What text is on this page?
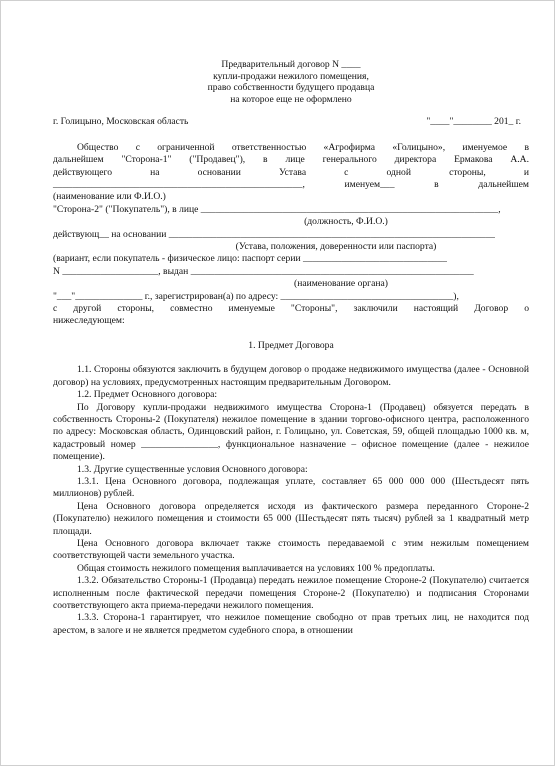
Предварительный договор N ____

купли-продажи нежилого помещения,

право собственности будущего продавца

на которое еще не оформлено

г. Голицыно, Московская область	"____"________ 201_ г.

Общество с ограниченной ответственностью «Агрофирма «Голицыно», именуемое в

дальнейшем "Сторона-1" ("Продавец"), в лице генерального директора Ермакова А.А.

действующего на основании Устава с одной стороны, и

____________________________________________________, именуем___ в дальнейшем

(наименование или Ф.И.О.)

"Сторона-2" ("Покупатель"), в лице ______________________________________________________________,

(должность, Ф.И.О.)

действующ__ на основании ____________________________________________________________________

(Устава, положения, доверенности или паспорта)

(вариант, если покупатель - физическое лицо: паспорт серии ______________________________

N ____________________, выдан ___________________________________________________________

(наименование органа)

"___"______________ г., зарегистрирован(а) по адресу: ____________________________________),

с другой стороны, совместно именуемые "Стороны", заключили настоящий Договор о

нижеследующем:

1. Предмет Договора

1.1. Стороны обязуются заключить в будущем договор о продаже недвижимого имущества (далее - Основной договор) на условиях, предусмотренных настоящим предварительным Договором.

1.2. Предмет Основного договора:

По Договору купли-продажи недвижимого имущества Сторона-1 (Продавец) обязуется передать в собственность Стороны-2 (Покупателя) нежилое помещение в здании торгово-офисного центра, расположенного по адресу: Московская область, Одинцовский район, г. Голицыно, ул. Советская, 59, общей площадью 1000 кв. м, кадастровый номер ________________, функциональное назначение – офисное помещение (далее - нежилое помещение).

1.3. Другие существенные условия Основного договора:

1.3.1. Цена Основного договора, подлежащая уплате, составляет 65 000 000 000 (Шестьдесят пять миллионов) рублей.

Цена Основного договора определяется исходя из фактического размера переданного Стороне-2 (Покупателю) нежилого помещения и стоимости 65 000 (Шестьдесят пять тысяч) рублей за 1 квадратный метр площади.

Цена Основного договора включает также стоимость передаваемой с этим нежилым помещением соответствующей части земельного участка.

Общая стоимость нежилого помещения выплачивается на условиях 100 % предоплаты.

1.3.2. Обязательство Стороны-1 (Продавца) передать нежилое помещение Стороне-2 (Покупателю) считается исполненным после фактической передачи помещения Стороне-2 (Покупателю) и подписания Сторонами соответствующего акта приема-передачи нежилого помещения.

1.3.3. Сторона-1 гарантирует, что нежилое помещение свободно от прав третьих лиц, не находится под арестом, в залоге и не является предметом судебного спора, в отношении
